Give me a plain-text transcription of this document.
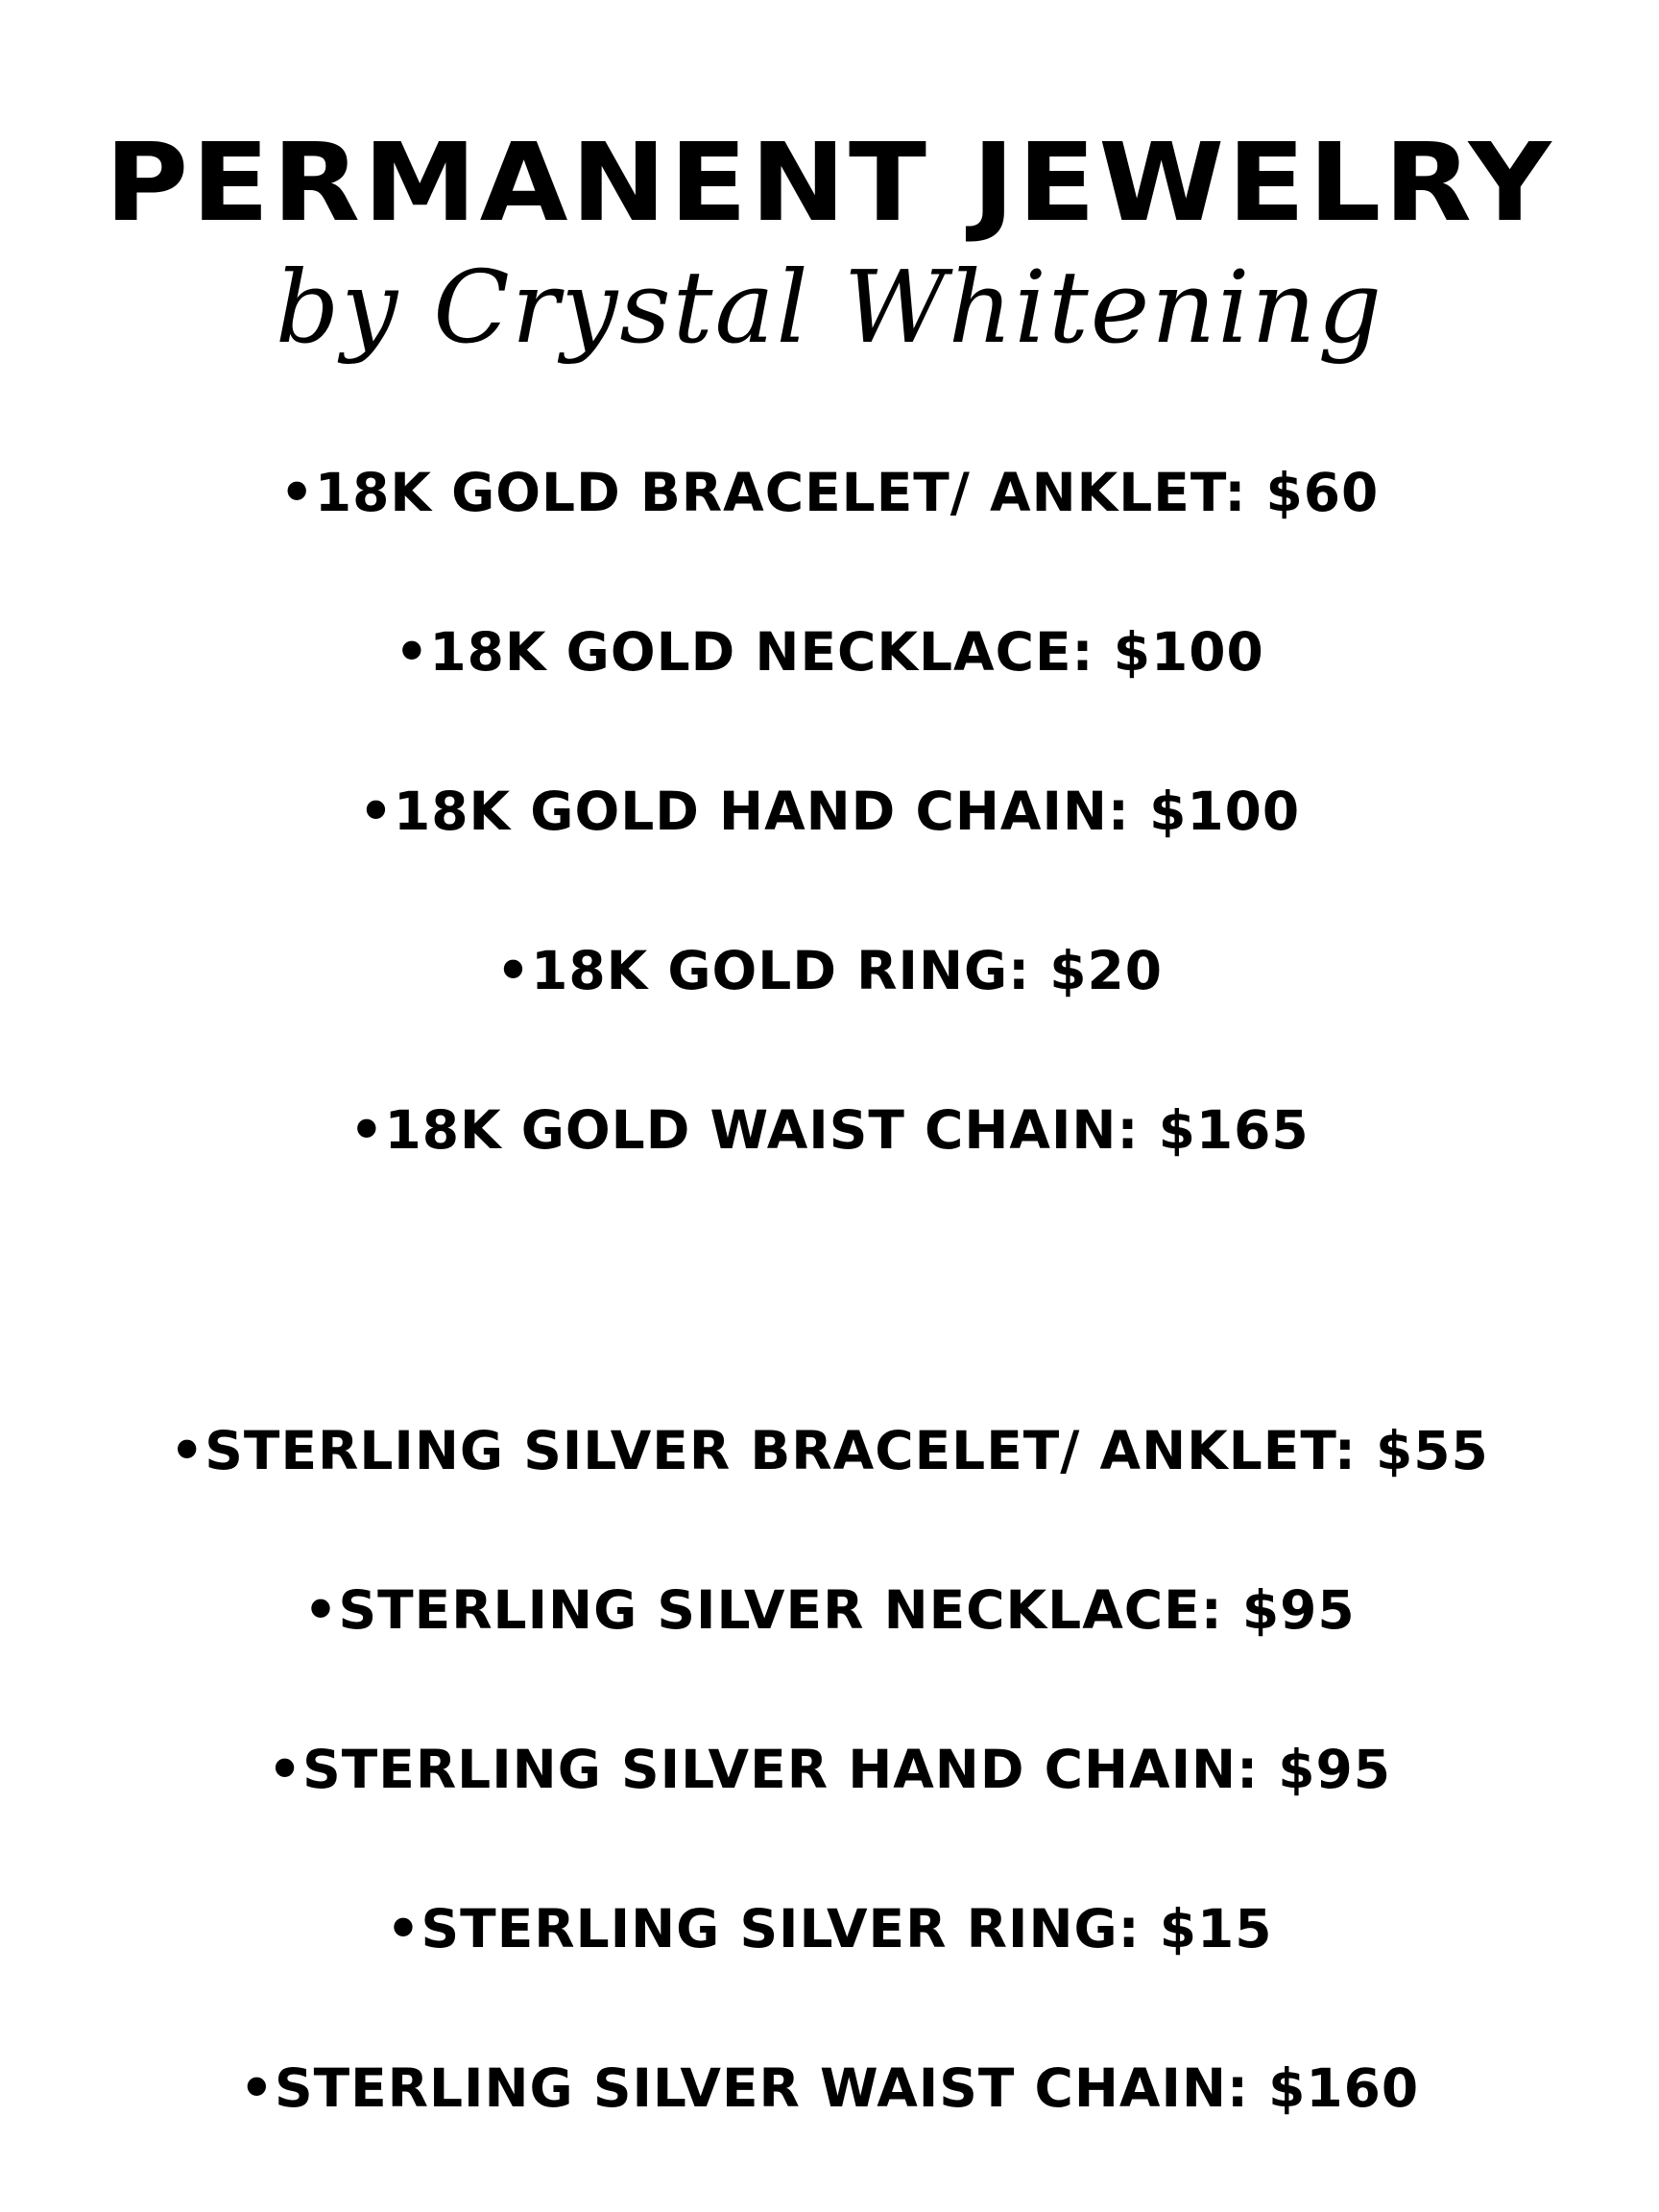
PERMANENT JEWELRY
by Crystal Whitening

•18K GOLD BRACELET/ ANKLET: $60

•18K GOLD NECKLACE: $100

•18K GOLD HAND CHAIN: $100

•18K GOLD RING: $20

•18K GOLD WAIST CHAIN: $165

•STERLING SILVER BRACELET/ ANKLET: $55

•STERLING SILVER NECKLACE: $95

•STERLING SILVER HAND CHAIN: $95

•STERLING SILVER RING: $15

•STERLING SILVER WAIST CHAIN: $160
